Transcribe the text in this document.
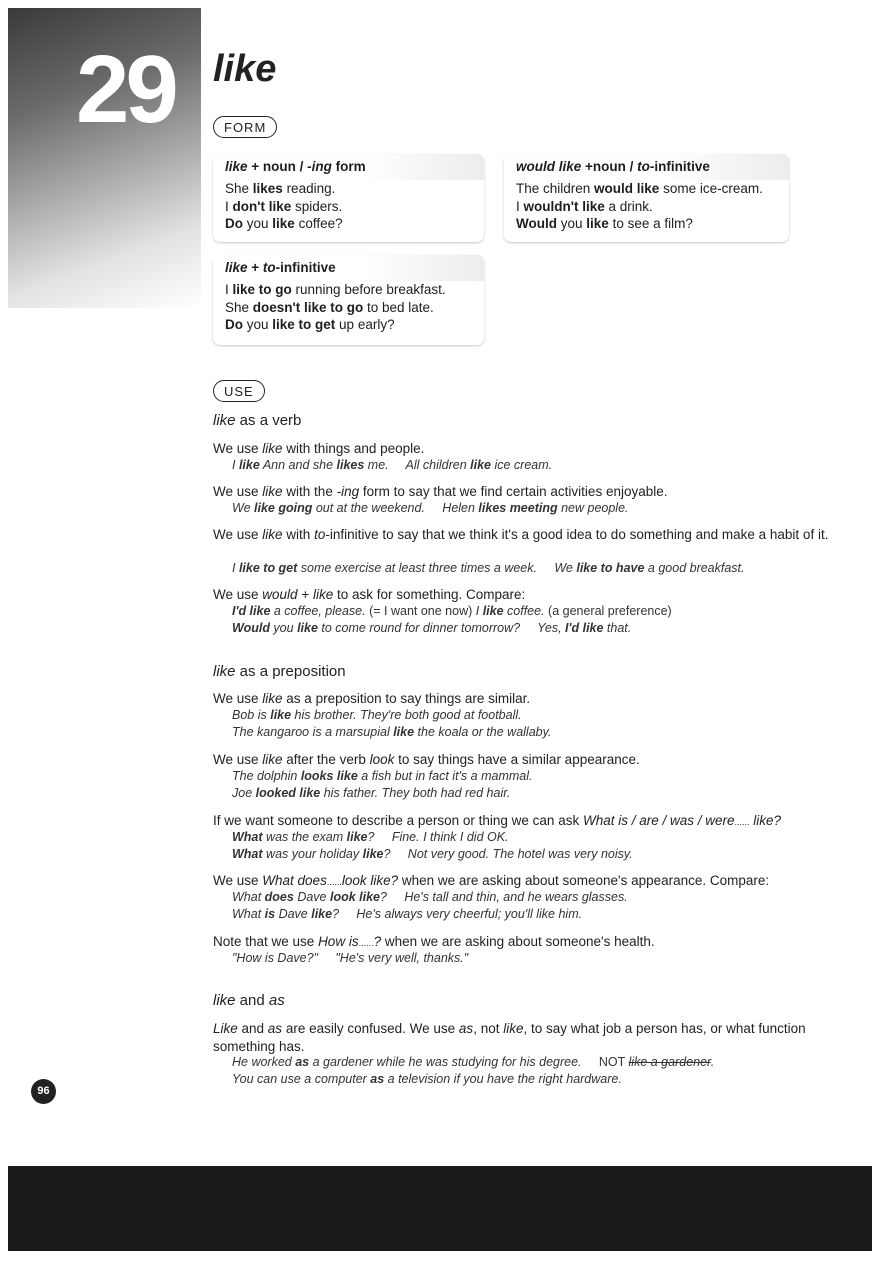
29 like
FORM
like + noun / -ing form
She likes reading.
I don't like spiders.
Do you like coffee?
would like +noun / to-infinitive
The children would like some ice-cream.
I wouldn't like a drink.
Would you like to see a film?
like + to-infinitive
I like to go running before breakfast.
She doesn't like to go to bed late.
Do you like to get up early?
USE
like as a verb
We use like with things and people.
I like Ann and she likes me.     All children like ice cream.
We use like with the -ing form to say that we find certain activities enjoyable.
We like going out at the weekend.     Helen likes meeting new people.
We use like with to-infinitive to say that we think it's a good idea to do something and make a habit of it.
I like to get some exercise at least three times a week.     We like to have a good breakfast.
We use would + like to ask for something. Compare:
I'd like a coffee, please. (= I want one now) I like coffee. (a general preference)
Would you like to come round for dinner tomorrow?     Yes, I'd like that.
like as a preposition
We use like as a preposition to say things are similar.
Bob is like his brother. They're both good at football.
The kangaroo is a marsupial like the koala or the wallaby.
We use like after the verb look to say things have a similar appearance.
The dolphin looks like a fish but in fact it's a mammal.
Joe looked like his father. They both had red hair.
If we want someone to describe a person or thing we can ask What is / are / was / were...... like?
What was the exam like?     Fine. I think I did OK.
What was your holiday like?     Not very good. The hotel was very noisy.
We use What does......look like? when we are asking about someone's appearance. Compare:
What does Dave look like?     He's tall and thin, and he wears glasses.
What is Dave like?     He's always very cheerful; you'll like him.
Note that we use How is......? when we are asking about someone's health.
"How is Dave?"     "He's very well, thanks."
like and as
Like and as are easily confused. We use as, not like, to say what job a person has, or what function something has.
He worked as a gardener while he was studying for his degree.     NOT like a gardener.
You can use a computer as a television if you have the right hardware.
96
